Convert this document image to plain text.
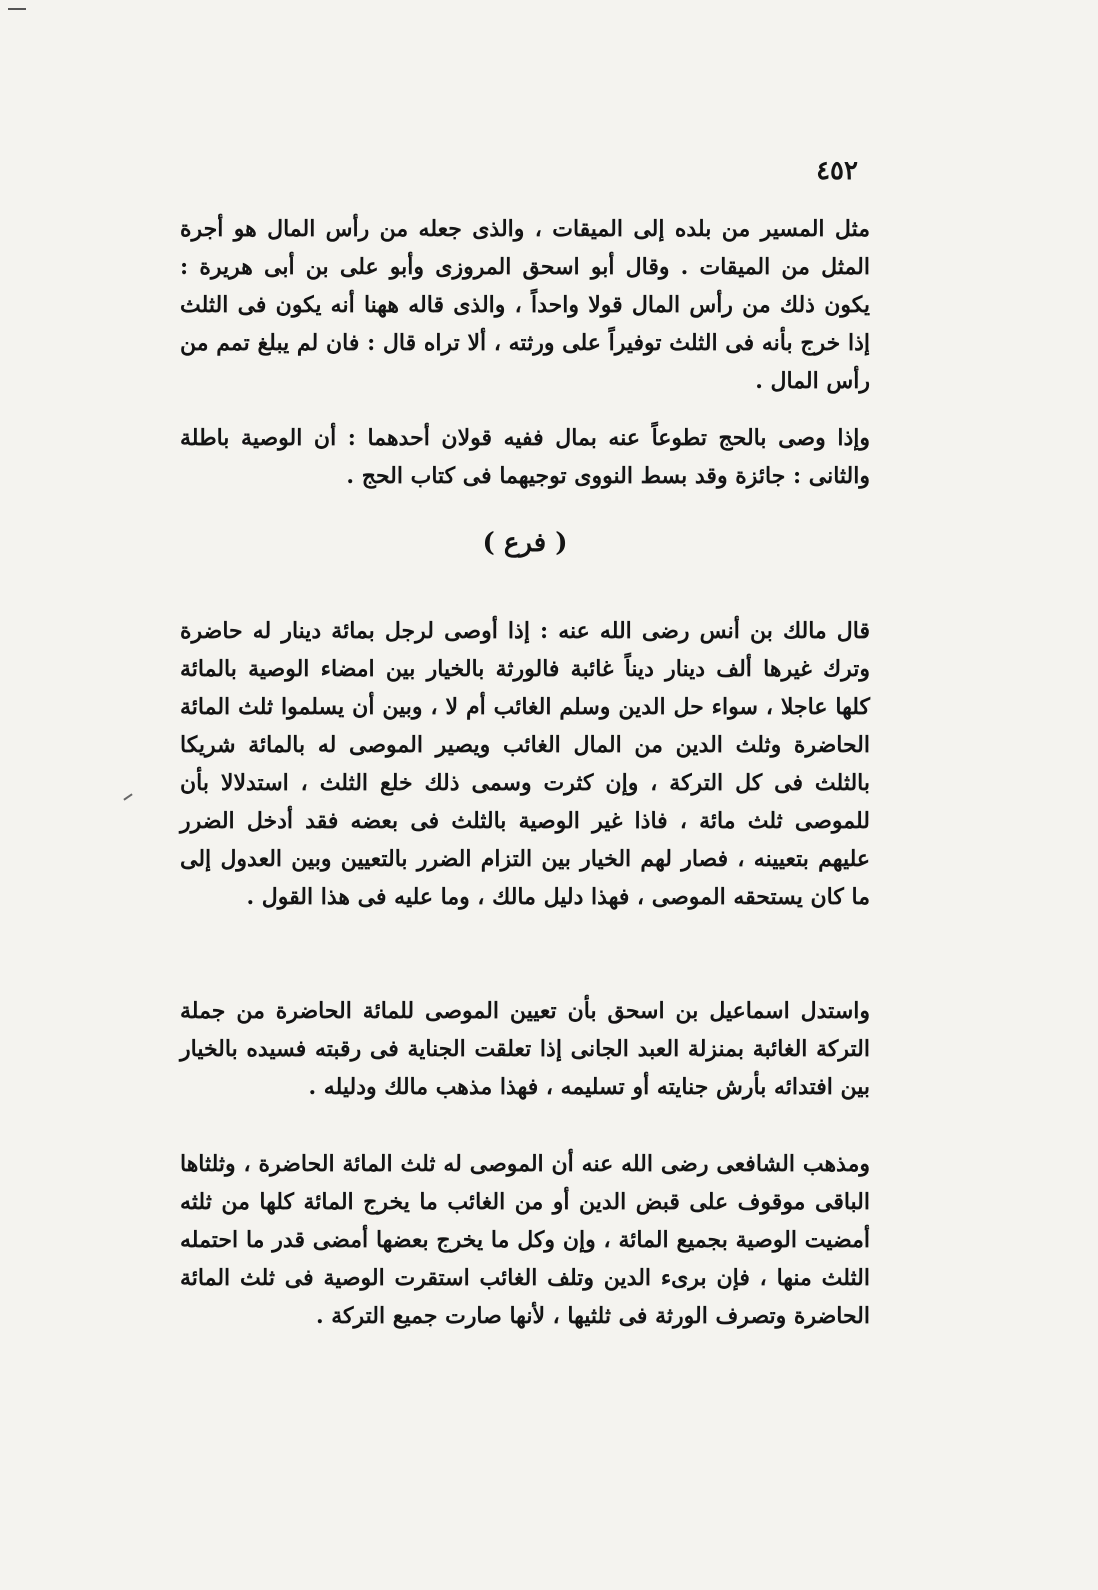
٤٥٢

مثل المسير من بلده إلى الميقات ، والذى جعله من رأس المال هو أجرة المثل من الميقات . وقال أبو اسحق المروزى وأبو على بن أبى هريرة : يكون ذلك من رأس المال قولا واحداً ، والذى قاله ههنا أنه يكون فى الثلث إذا خرج بأنه فى الثلث توفيراً على ورثته ، ألا تراه قال : فان لم يبلغ تمم من رأس المال .

وإذا وصى بالحج تطوعاً عنه بمال ففيه قولان أحدهما : أن الوصية باطلة والثانى : جائزة وقد بسط النووى توجيهما فى كتاب الحج .

( فرع )

قال مالك بن أنس رضى الله عنه : إذا أوصى لرجل بمائة دينار له حاضرة وترك غيرها ألف دينار ديناً غائبة فالورثة بالخيار بين امضاء الوصية بالمائة كلها عاجلا ، سواء حل الدين وسلم الغائب أم لا ، وبين أن يسلموا ثلث المائة الحاضرة وثلث الدين من المال الغائب ويصير الموصى له بالمائة شريكا بالثلث فى كل التركة ، وإن كثرت وسمى ذلك خلع الثلث ، استدلالا بأن للموصى ثلث مائة ، فاذا غير الوصية بالثلث فى بعضه فقد أدخل الضرر عليهم بتعيينه ، فصار لهم الخيار بين التزام الضرر بالتعيين وبين العدول إلى ما كان يستحقه الموصى ، فهذا دليل مالك ، وما عليه فى هذا القول .

واستدل اسماعيل بن اسحق بأن تعيين الموصى للمائة الحاضرة من جملة التركة الغائبة بمنزلة العبد الجانى إذا تعلقت الجناية فى رقبته فسيده بالخيار بين افتدائه بأرش جنايته أو تسليمه ، فهذا مذهب مالك ودليله .

ومذهب الشافعى رضى الله عنه أن الموصى له ثلث المائة الحاضرة ، وثلثاها الباقى موقوف على قبض الدين أو من الغائب ما يخرج المائة كلها من ثلثه أمضيت الوصية بجميع المائة ، وإن وكل ما يخرج بعضها أمضى قدر ما احتمله الثلث منها ، فإن برىء الدين وتلف الغائب استقرت الوصية فى ثلث المائة الحاضرة وتصرف الورثة فى ثلثيها ، لأنها صارت جميع التركة .
